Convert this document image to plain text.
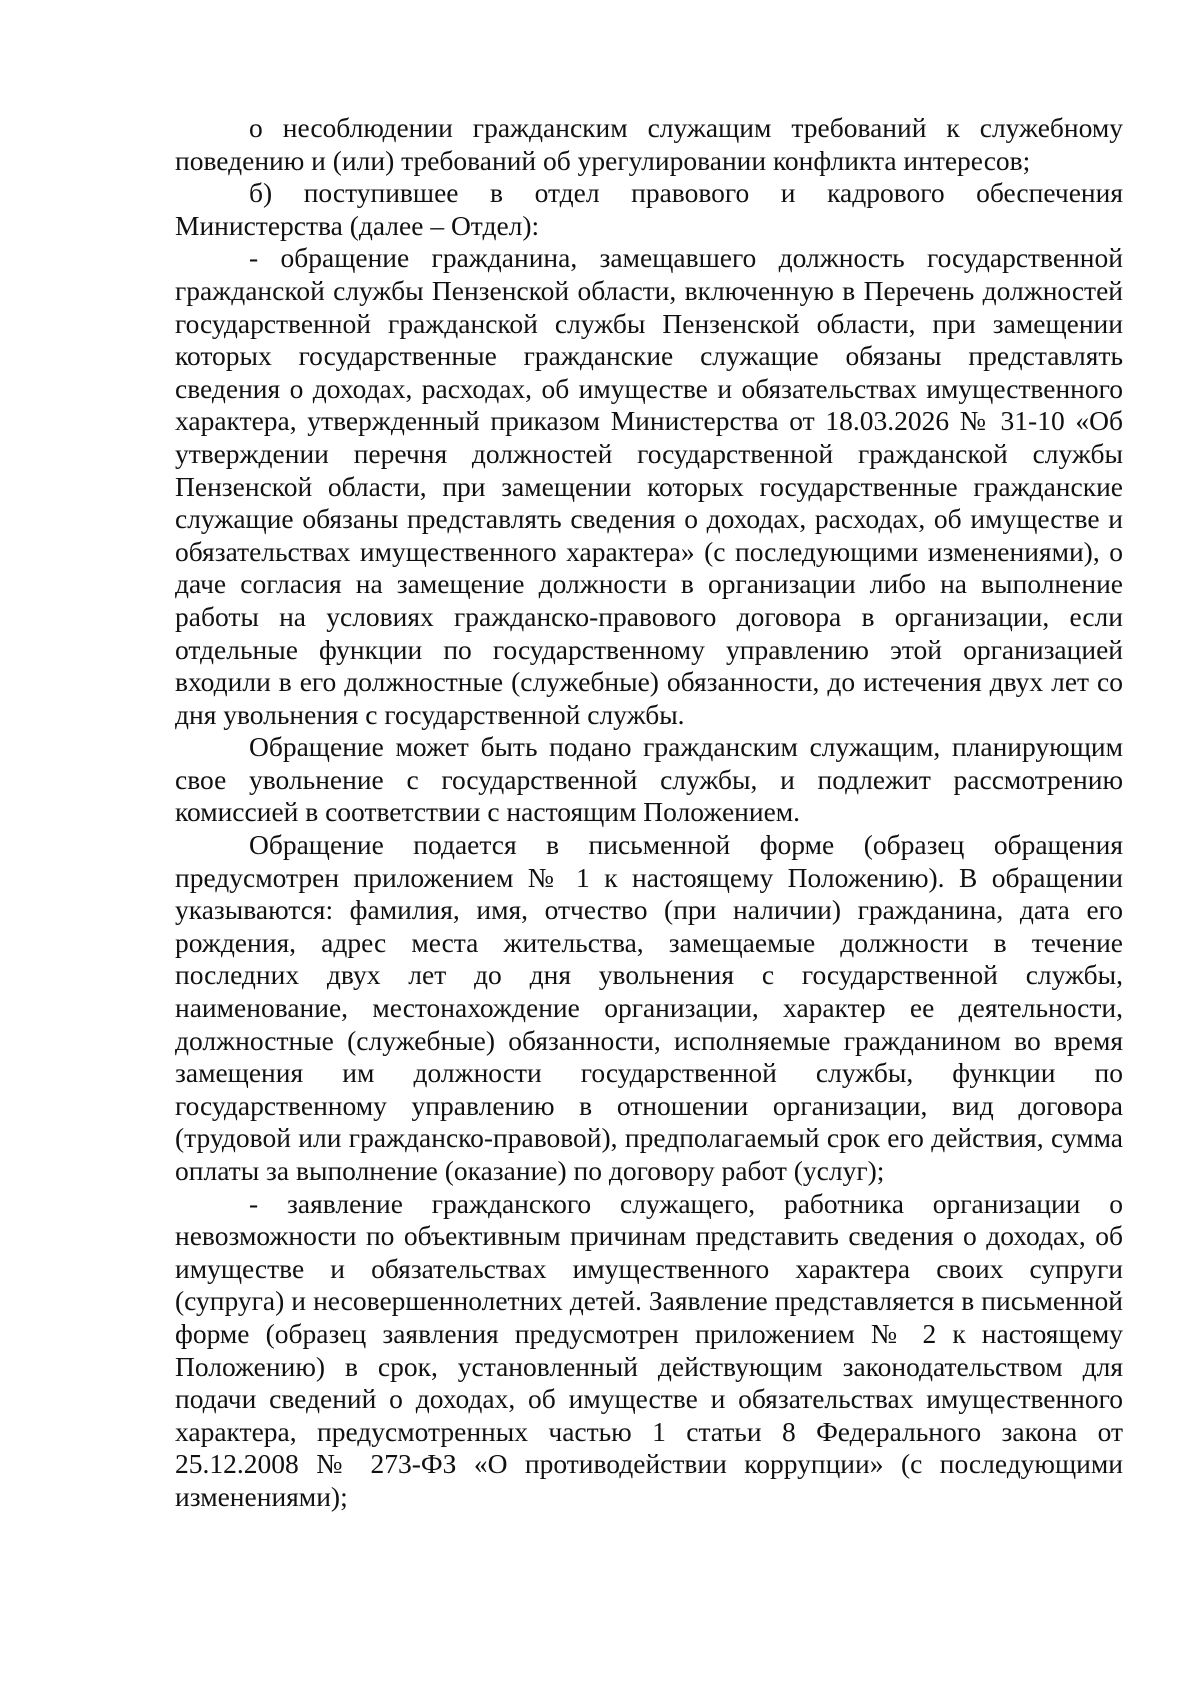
о несоблюдении гражданским служащим требований к служебному поведению и (или) требований об урегулировании конфликта интересов;

б) поступившее в отдел правового и кадрового обеспечения Министерства (далее – Отдел):

- обращение гражданина, замещавшего должность государственной гражданской службы Пензенской области, включенную в Перечень должностей государственной гражданской службы Пензенской области, при замещении которых государственные гражданские служащие обязаны представлять сведения о доходах, расходах, об имуществе и обязательствах имущественного характера, утвержденный приказом Министерства от 18.03.2026 № 31-10 «Об утверждении перечня должностей государственной гражданской службы Пензенской области, при замещении которых государственные гражданские служащие обязаны представлять сведения о доходах, расходах, об имуществе и обязательствах имущественного характера» (с последующими изменениями), о даче согласия на замещение должности в организации либо на выполнение работы на условиях гражданско-правового договора в организации, если отдельные функции по государственному управлению этой организацией входили в его должностные (служебные) обязанности, до истечения двух лет со дня увольнения с государственной службы.

Обращение может быть подано гражданским служащим, планирующим свое увольнение с государственной службы, и подлежит рассмотрению комиссией в соответствии с настоящим Положением.

Обращение подается в письменной форме (образец обращения предусмотрен приложением № 1 к настоящему Положению). В обращении указываются: фамилия, имя, отчество (при наличии) гражданина, дата его рождения, адрес места жительства, замещаемые должности в течение последних двух лет до дня увольнения с государственной службы, наименование, местонахождение организации, характер ее деятельности, должностные (служебные) обязанности, исполняемые гражданином во время замещения им должности государственной службы, функции по государственному управлению в отношении организации, вид договора (трудовой или гражданско-правовой), предполагаемый срок его действия, сумма оплаты за выполнение (оказание) по договору работ (услуг);

- заявление гражданского служащего, работника организации о невозможности по объективным причинам представить сведения о доходах, об имуществе и обязательствах имущественного характера своих супруги (супруга) и несовершеннолетних детей. Заявление представляется в письменной форме (образец заявления предусмотрен приложением № 2 к настоящему Положению) в срок, установленный действующим законодательством для подачи сведений о доходах, об имуществе и обязательствах имущественного характера, предусмотренных частью 1 статьи 8 Федерального закона от 25.12.2008 № 273-ФЗ «О противодействии коррупции» (с последующими изменениями);
